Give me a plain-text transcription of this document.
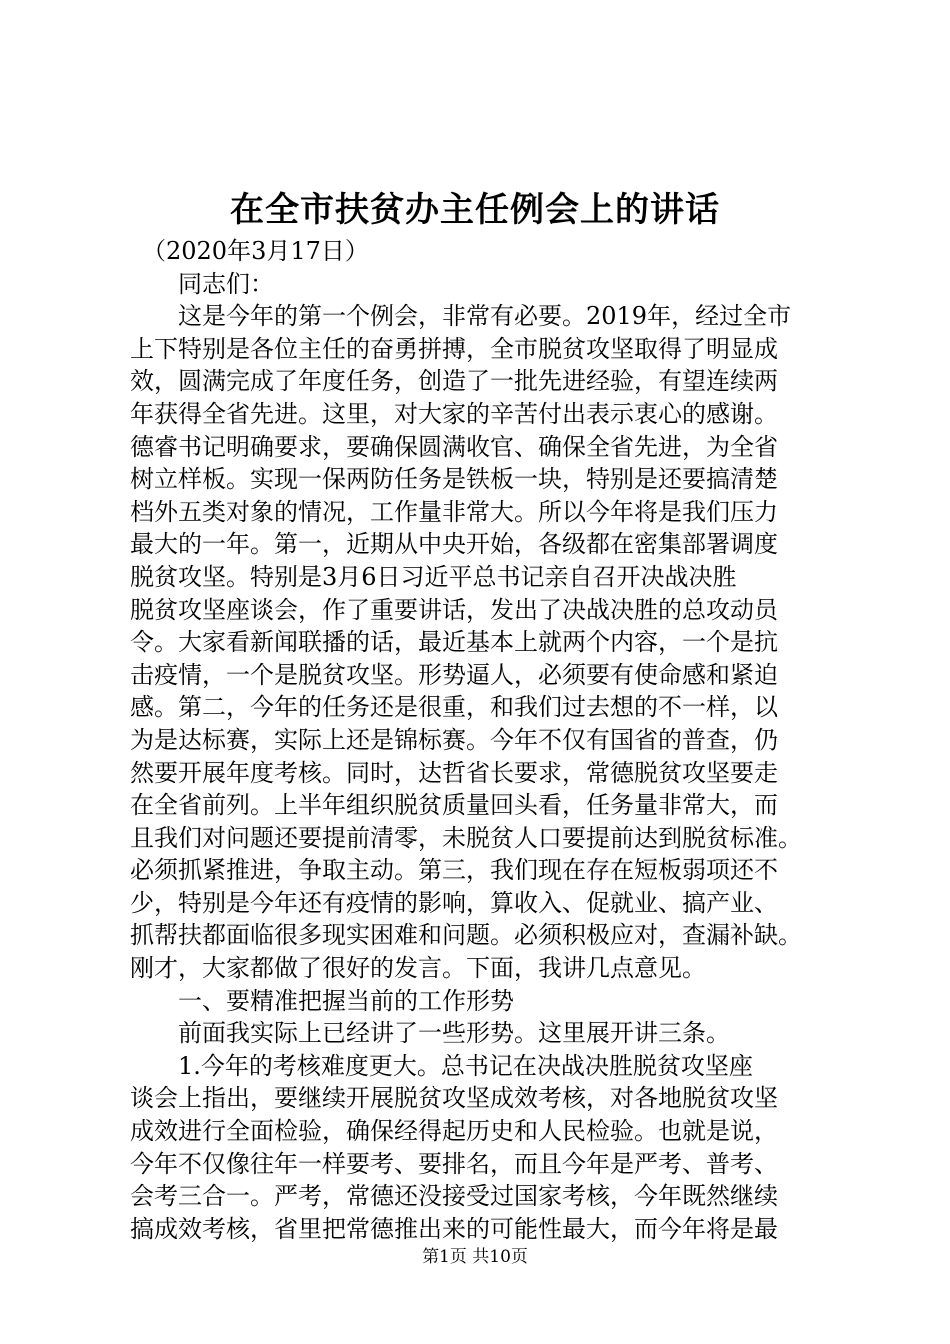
在全市扶贫办主任例会上的讲话
　（2020年3月17日）
　　同志们：
　　这是今年的第一个例会，非常有必要。2019年，经过全市
上下特别是各位主任的奋勇拼搏，全市脱贫攻坚取得了明显成
效，圆满完成了年度任务，创造了一批先进经验，有望连续两
年获得全省先进。这里，对大家的辛苦付出表示衷心的感谢。
德睿书记明确要求，要确保圆满收官、确保全省先进，为全省
树立样板。实现一保两防任务是铁板一块，特别是还要搞清楚
档外五类对象的情况，工作量非常大。所以今年将是我们压力
最大的一年。第一，近期从中央开始，各级都在密集部署调度
脱贫攻坚。特别是3月6日习近平总书记亲自召开决战决胜
脱贫攻坚座谈会，作了重要讲话，发出了决战决胜的总攻动员
令。大家看新闻联播的话，最近基本上就两个内容，一个是抗
击疫情，一个是脱贫攻坚。形势逼人，必须要有使命感和紧迫
感。第二，今年的任务还是很重，和我们过去想的不一样，以
为是达标赛，实际上还是锦标赛。今年不仅有国省的普查，仍
然要开展年度考核。同时，达哲省长要求，常德脱贫攻坚要走
在全省前列。上半年组织脱贫质量回头看，任务量非常大，而
且我们对问题还要提前清零，未脱贫人口要提前达到脱贫标准。
必须抓紧推进，争取主动。第三，我们现在存在短板弱项还不
少，特别是今年还有疫情的影响，算收入、促就业、搞产业、
抓帮扶都面临很多现实困难和问题。必须积极应对，查漏补缺。
刚才，大家都做了很好的发言。下面，我讲几点意见。
　　一、要精准把握当前的工作形势
　　前面我实际上已经讲了一些形势。这里展开讲三条。
　　1.今年的考核难度更大。总书记在决战决胜脱贫攻坚座
谈会上指出，要继续开展脱贫攻坚成效考核，对各地脱贫攻坚
成效进行全面检验，确保经得起历史和人民检验。也就是说，
今年不仅像往年一样要考、要排名，而且今年是严考、普考、
会考三合一。严考，常德还没接受过国家考核，今年既然继续
搞成效考核，省里把常德推出来的可能性最大，而今年将是最
第1页 共10页
